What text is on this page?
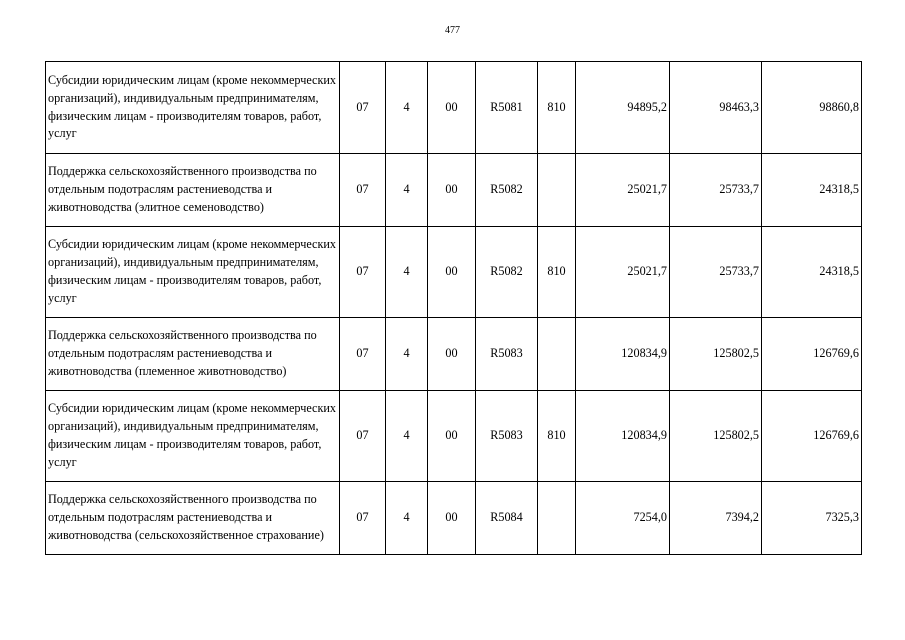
477
Субсидии юридическим лицам (кроме некоммерческих организаций), индивидуальным предпринимателям, физическим лицам - производителям товаров, работ, услуг	07	4	00	R5081	810	94895,2	98463,3	98860,8
Поддержка сельскохозяйственного производства по отдельным подотраслям растениеводства и животноводства (элитное семеноводство)	07	4	00	R5082		25021,7	25733,7	24318,5
Субсидии юридическим лицам (кроме некоммерческих организаций), индивидуальным предпринимателям, физическим лицам - производителям товаров, работ, услуг	07	4	00	R5082	810	25021,7	25733,7	24318,5
Поддержка сельскохозяйственного производства по отдельным подотраслям растениеводства и животноводства (племенное животноводство)	07	4	00	R5083		120834,9	125802,5	126769,6
Субсидии юридическим лицам (кроме некоммерческих организаций), индивидуальным предпринимателям, физическим лицам - производителям товаров, работ, услуг	07	4	00	R5083	810	120834,9	125802,5	126769,6
Поддержка сельскохозяйственного производства по отдельным подотраслям растениеводства и животноводства (сельскохозяйственное страхование)	07	4	00	R5084		7254,0	7394,2	7325,3
